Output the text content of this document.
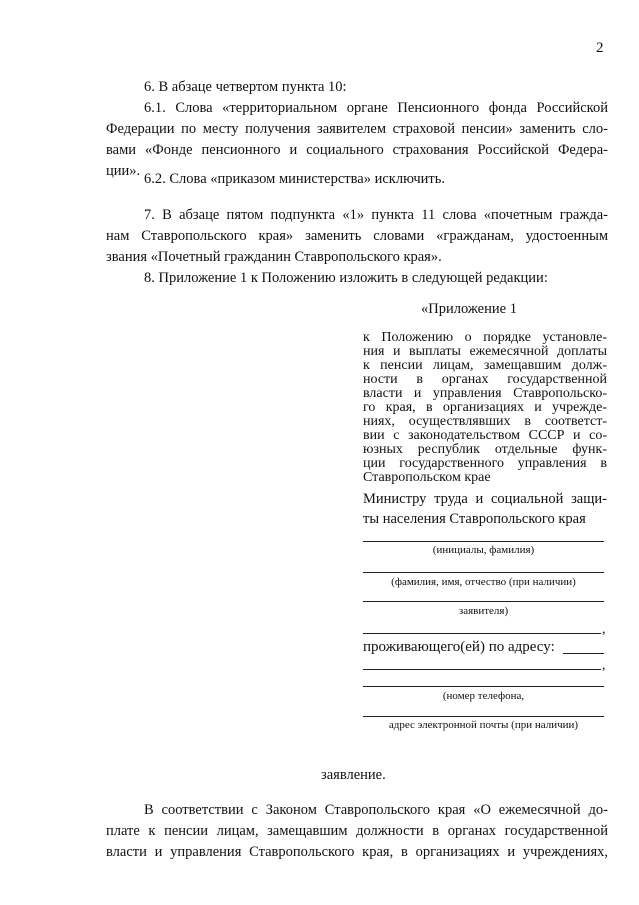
2
6. В абзаце четвертом пункта 10:
6.1. Слова «территориальном органе Пенсионного фонда Российской
Федерации по месту получения заявителем страховой пенсии» заменить сло-
вами «Фонде пенсионного и социального страхования Российской Федера-
ции». 6.2. Слова «приказом министерства» исключить.
7. В абзаце пятом подпункта «1» пункта 11 слова «почетным гражда-
нам Ставропольского края» заменить словами «гражданам, удостоенным
звания «Почетный гражданин Ставропольского края».
8. Приложение 1 к Положению изложить в следующей редакции:
«Приложение 1
к Положению о порядке установле-
ния и выплаты ежемесячной доплаты
к пенсии лицам, замещавшим долж-
ности в органах государственной
власти и управления Ставропольско-
го края, в организациях и учрежде-
ниях, осуществлявших в соответст-
вии с законодательством СССР и со-
юзных республик отдельные функ-
ции государственного управления в
Ставропольском крае
Министру труда и социальной защи-
ты населения Ставропольского края
(инициалы, фамилия)
(фамилия, имя, отчество (при наличии)
заявителя)
,
проживающего(ей) по адресу:
,
(номер телефона,
адрес электронной почты (при наличии)
заявление.
В соответствии с Законом Ставропольского края «О ежемесячной до-
плате к пенсии лицам, замещавшим должности в органах государственной
власти и управления Ставропольского края, в организациях и учреждениях,
